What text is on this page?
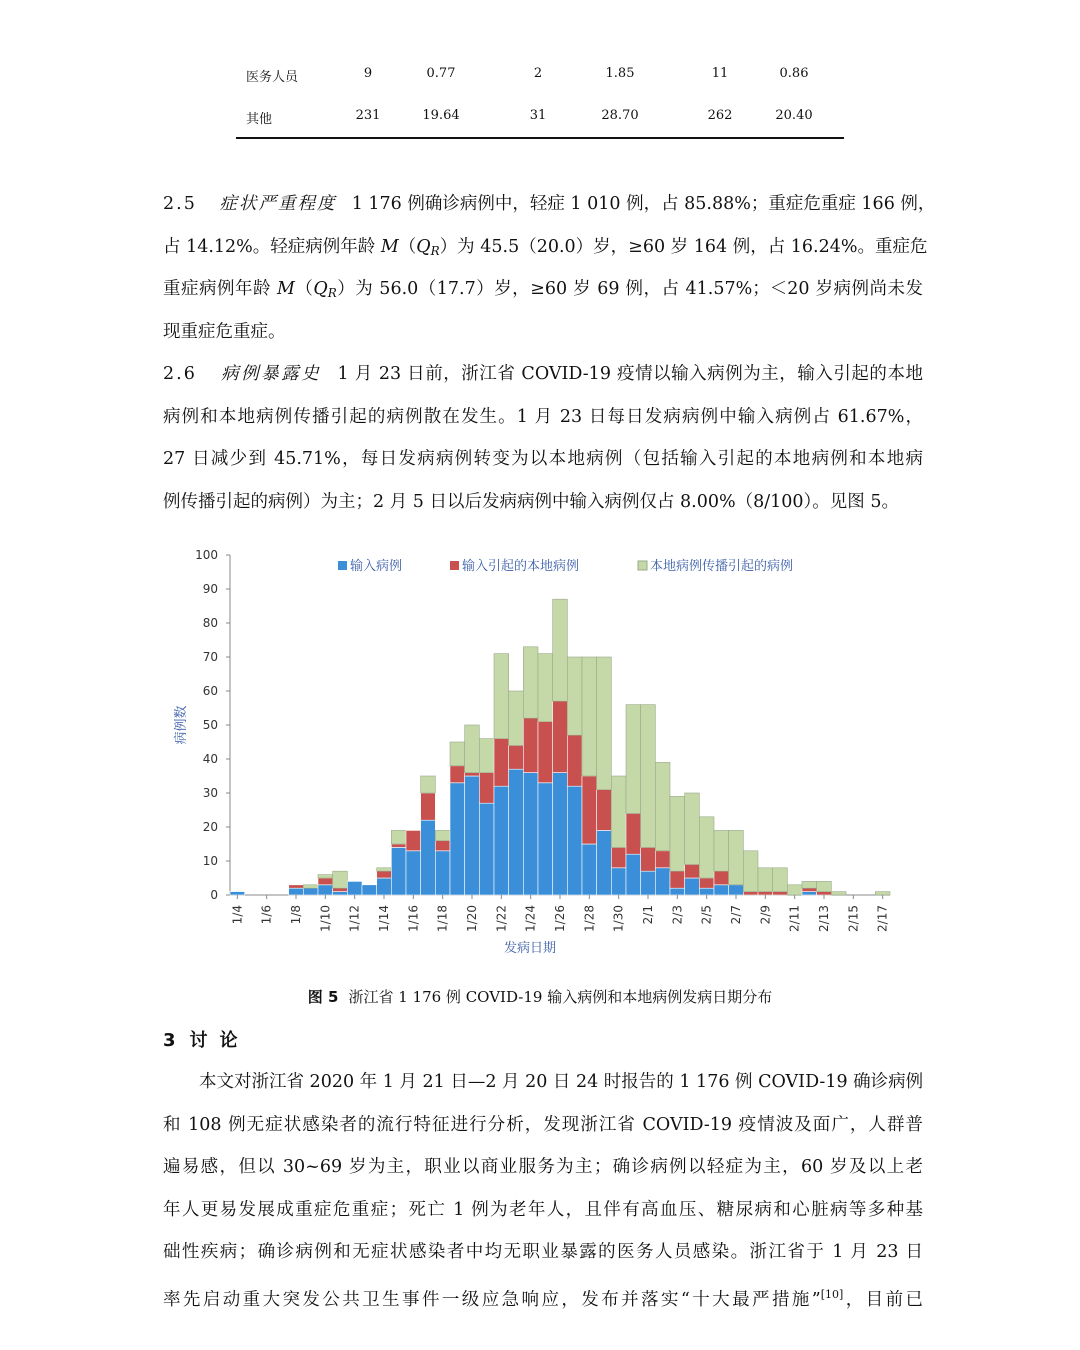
医务人员	9	0.77	2	1.85	11	0.86
其他	231	19.64	31	28.70	262	20.40
2.5 症状严重程度 1 176 例确诊病例中，轻症 1 010 例，占 85.88%；重症危重症 166 例，
占 14.12%。轻症病例年龄 $M(Q_R)$为 45.5（20.0）岁，≥60 岁 164 例，占 16.24%。重症危
重症病例年龄 $M(Q_R)$为 56.0（17.7）岁，≥60 岁 69 例，占 41.57%；＜20 岁病例尚未发
现重症危重症。
2.6 病例暴露史 1 月 23 日前，浙江省 COVID-19 疫情以输入病例为主，输入引起的本地
病例和本地病例传播引起的病例散在发生。1 月 23 日每日发病病例中输入病例占 61.67%，
27 日减少到 45.71%，每日发病病例转变为以本地病例（包括输入引起的本地病例和本地病
例传播引起的病例）为主；2 月 5 日以后发病病例中输入病例仅占 8.00%（8/100）。见图 5。
0
10
20
30
40
50
60
70
80
90
100
病例数
1/4 1/6 1/8 1/10 1/12 1/14 1/16 1/18 1/20 1/22 1/24 1/26 1/28 1/30 2/1 2/3 2/5 2/7 2/9 2/11 2/13 2/15 2/17
发病日期
输入病例	输入引起的本地病例	本地病例传播引起的病例
图 5 浙江省 1 176 例 COVID-19 输入病例和本地病例发病日期分布
3 讨论
本文对浙江省 2020 年 1 月 21 日—2 月 20 日 24 时报告的 1 176 例 COVID-19 确诊病例
和 108 例无症状感染者的流行特征进行分析，发现浙江省 COVID-19 疫情波及面广，人群普
遍易感，但以 30~69 岁为主，职业以商业服务为主；确诊病例以轻症为主，60 岁及以上老
年人更易发展成重症危重症；死亡 1 例为老年人，且伴有高血压、糖尿病和心脏病等多种基
础性疾病；确诊病例和无症状感染者中均无职业暴露的医务人员感染。浙江省于 1 月 23 日
率先启动重大突发公共卫生事件一级应急响应，发布并落实“十大最严措施”[10]，目前已
